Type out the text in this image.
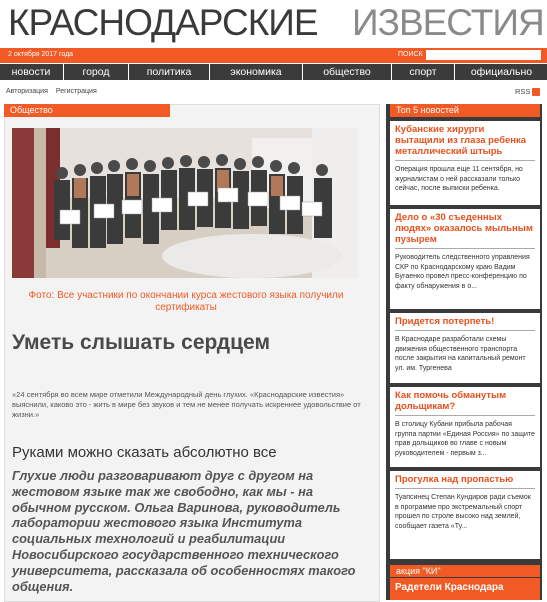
КРАСНОДАРСКИЕ ИЗВЕСТИЯ
2 октября 2017 года	ПОИСК
новости	город	политика	экономика	общество	спорт	официально
Авторизация Регистрация	RSS
Общество
Фото: Все участники по окончании курса жестового языка получили сертификаты
Уметь слышать сердцем
«24 сентября во всем мире отметили Международный день глухих. «Краснодарские известия» выяснили, каково это - жить в мире без звуков и тем не менее получать искреннее удовольствие от жизни.»
Руками можно сказать абсолютно все
Глухие люди разговаривают друг с другом на жестовом языке так же свободно, как мы - на обычном русском. Ольга Варинова, руководитель лаборатории жестового языка Института социальных технологий и реабилитации Новосибирского государственного технического университета, рассказала об особенностях такого общения.
Топ 5 новостей
Кубанские хирурги вытащили из глаза ребенка металлический штырь
Операция прошла еще 11 сентября, но журналистам о ней рассказали только сейчас, после выписки ребенка.
Дело о «30 съеденных людях» оказалось мыльным пузырем
Руководитель следственного управления СКР по Краснодарскому краю Вадим Бугаенко провел пресс-конференцию по факту обнаружения в о...
Придется потерпеть!
В Краснодаре разработали схемы движения общественного транспорта после закрытия на капитальный ремонт ул. им. Тургенева
Как помочь обманутым дольщикам?
В столицу Кубани прибыла рабочая группа партии «Единая Россия» по защите прав дольщиков во главе с новым руководителем - первым з...
Прогулка над пропастью
Туапсинец Степан Кундиров ради съемок в программе про экстремальный спорт прошел по строле высоко над землей, сообщает газета «Ту...
акция "КИ"
Радетели Краснодара
